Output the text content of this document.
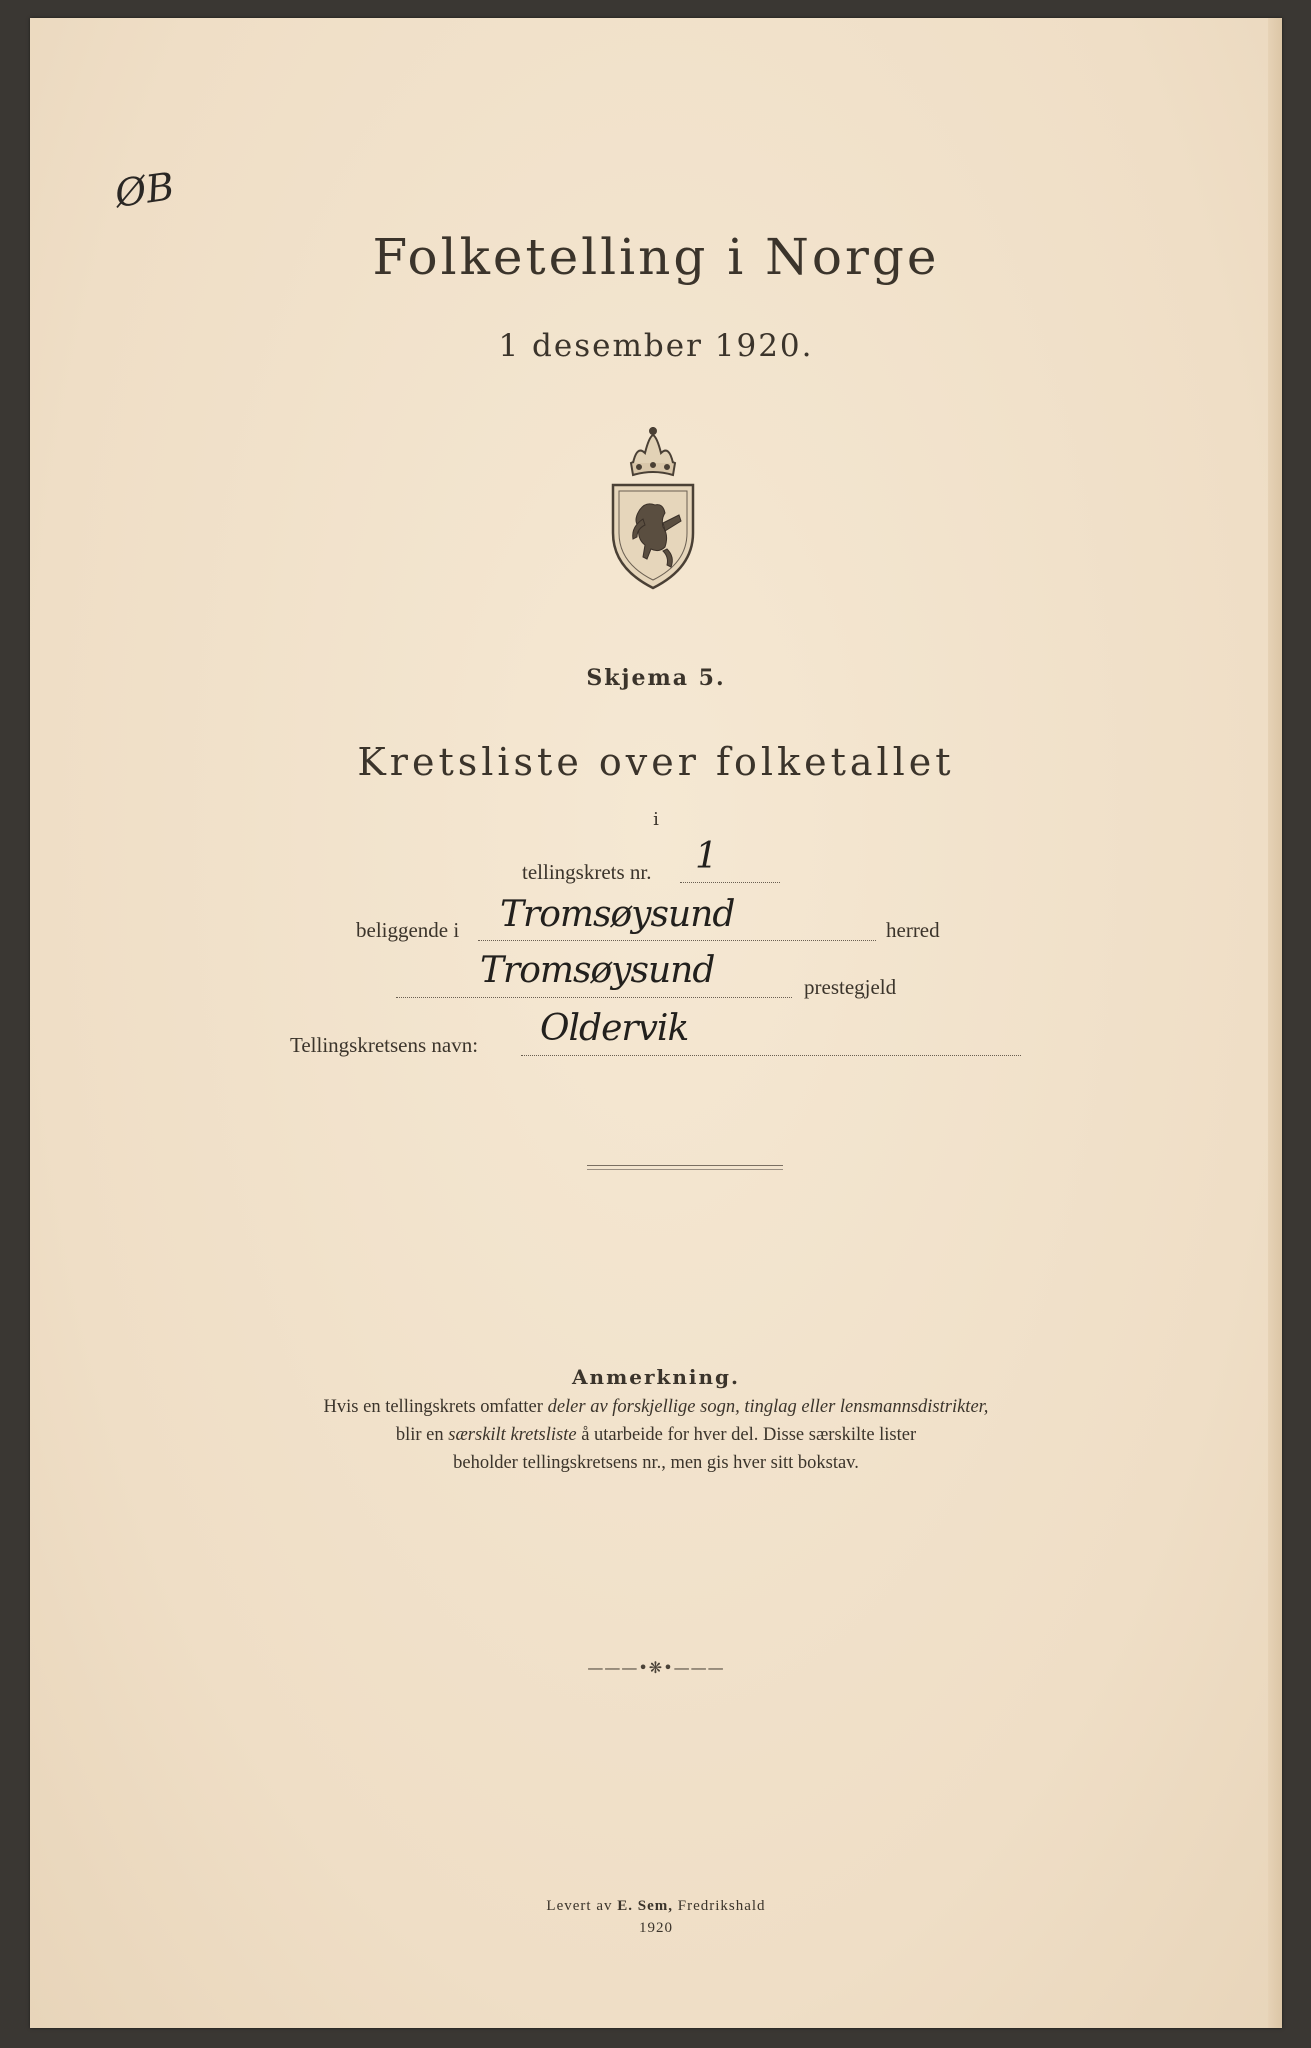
ØB
Folketelling i Norge
1 desember 1920.
Skjema 5.
Kretsliste over folketallet
i
tellingskrets nr. 1
beliggende i Tromsøysund	herred
Tromsøysund	prestegjeld
Tellingskretsens navn: Oldervik
Anmerkning.
Hvis en tellingskrets omfatter deler av forskjellige sogn, tinglag eller lensmannsdistrikter,
blir en særskilt kretsliste å utarbeide for hver del. Disse særskilte lister
beholder tellingskretsens nr., men gis hver sitt bokstav.
———•❋•———
Levert av E. Sem, Fredrikshald
1920
